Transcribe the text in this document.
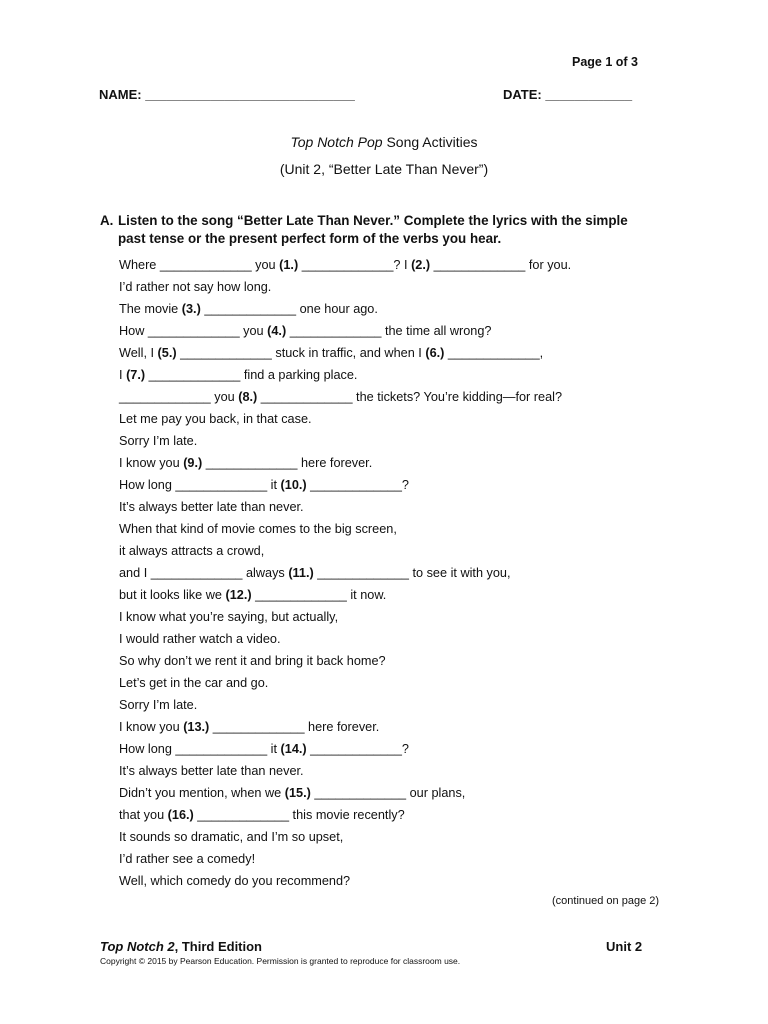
Page 1 of 3
NAME: _____________________________	DATE: ____________
Top Notch Pop Song Activities
(Unit 2, “Better Late Than Never”)
A. Listen to the song “Better Late Than Never.” Complete the lyrics with the simple
past tense or the present perfect form of the verbs you hear.
Where _____________ you (1.) _____________? I (2.) _____________ for you.
I’d rather not say how long.
The movie (3.) _____________ one hour ago.
How _____________ you (4.) _____________ the time all wrong?
Well, I (5.) _____________ stuck in traffic, and when I (6.) _____________,
I (7.) _____________ find a parking place.
_____________ you (8.) _____________ the tickets? You’re kidding—for real?
Let me pay you back, in that case.
Sorry I’m late.
I know you (9.) _____________ here forever.
How long _____________ it (10.) _____________?
It’s always better late than never.
When that kind of movie comes to the big screen,
it always attracts a crowd,
and I _____________ always (11.) _____________ to see it with you,
but it looks like we (12.) _____________ it now.
I know what you’re saying, but actually,
I would rather watch a video.
So why don’t we rent it and bring it back home?
Let’s get in the car and go.
Sorry I’m late.
I know you (13.) _____________ here forever.
How long _____________ it (14.) _____________?
It’s always better late than never.
Didn’t you mention, when we (15.) _____________ our plans,
that you (16.) _____________ this movie recently?
It sounds so dramatic, and I’m so upset,
I’d rather see a comedy!
Well, which comedy do you recommend?
(continued on page 2)
Top Notch 2, Third Edition	Unit 2
Copyright © 2015 by Pearson Education. Permission is granted to reproduce for classroom use.
